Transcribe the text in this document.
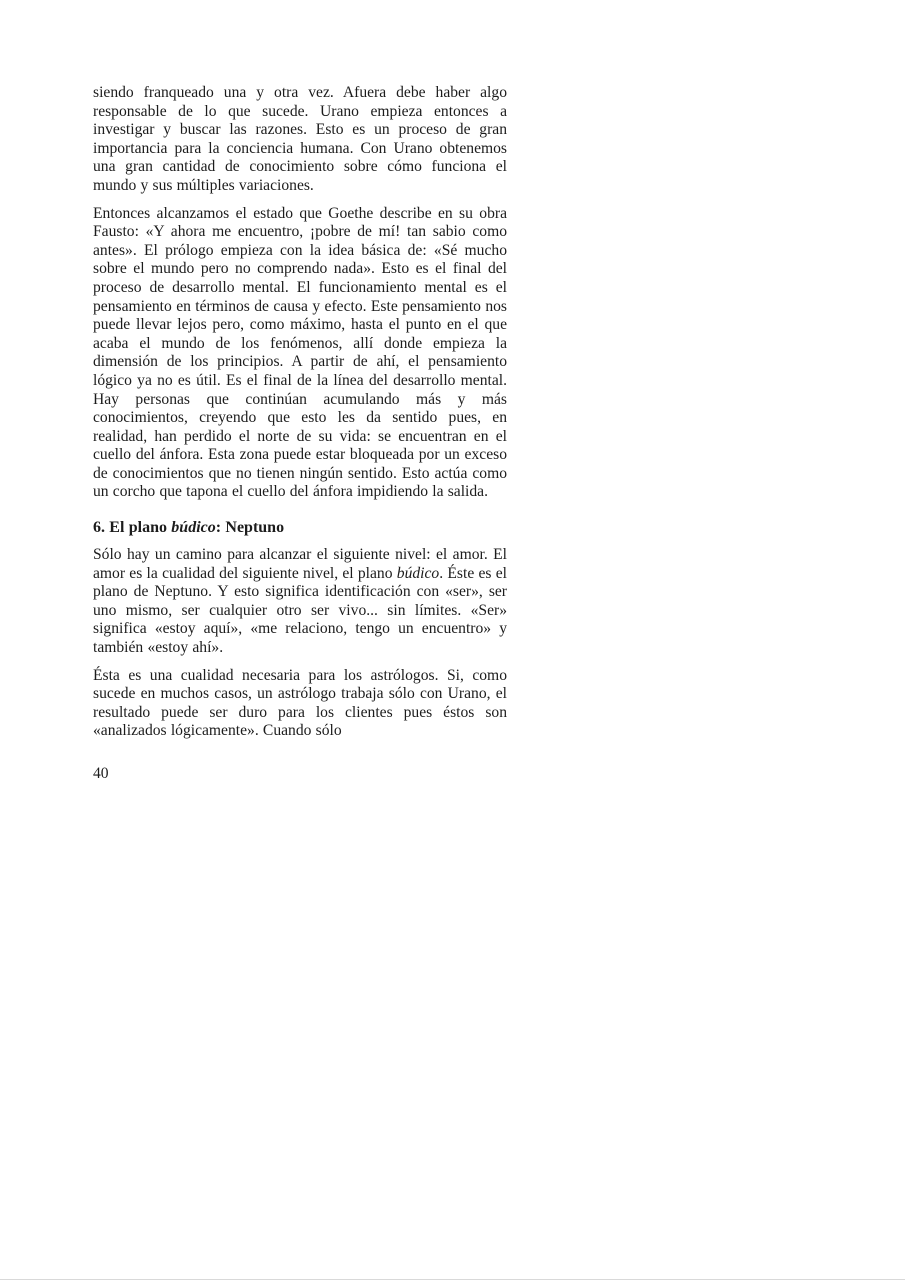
siendo franqueado una y otra vez. Afuera debe haber algo responsable de lo que sucede. Urano empieza entonces a investigar y buscar las razones. Esto es un proceso de gran importancia para la conciencia humana. Con Urano obtenemos una gran cantidad de conocimiento sobre cómo funciona el mundo y sus múltiples variaciones.

Entonces alcanzamos el estado que Goethe describe en su obra Fausto: «Y ahora me encuentro, ¡pobre de mí! tan sabio como antes». El prólogo empieza con la idea básica de: «Sé mucho sobre el mundo pero no comprendo nada». Esto es el final del proceso de desarrollo mental. El funcionamiento mental es el pensamiento en términos de causa y efecto. Este pensamiento nos puede llevar lejos pero, como máximo, hasta el punto en el que acaba el mundo de los fenómenos, allí donde empieza la dimensión de los principios. A partir de ahí, el pensamiento lógico ya no es útil. Es el final de la línea del desarrollo mental. Hay personas que continúan acumulando más y más conocimientos, creyendo que esto les da sentido pues, en realidad, han perdido el norte de su vida: se encuentran en el cuello del ánfora. Esta zona puede estar bloqueada por un exceso de conocimientos que no tienen ningún sentido. Esto actúa como un corcho que tapona el cuello del ánfora impidiendo la salida.

6. El plano búdico: Neptuno

Sólo hay un camino para alcanzar el siguiente nivel: el amor. El amor es la cualidad del siguiente nivel, el plano búdico. Éste es el plano de Neptuno. Y esto significa identificación con «ser», ser uno mismo, ser cualquier otro ser vivo... sin límites. «Ser» significa «estoy aquí», «me relaciono, tengo un encuentro» y también «estoy ahí».

Ésta es una cualidad necesaria para los astrólogos. Si, como sucede en muchos casos, un astrólogo trabaja sólo con Urano, el resultado puede ser duro para los clientes pues éstos son «analizados lógicamente». Cuando sólo

40
